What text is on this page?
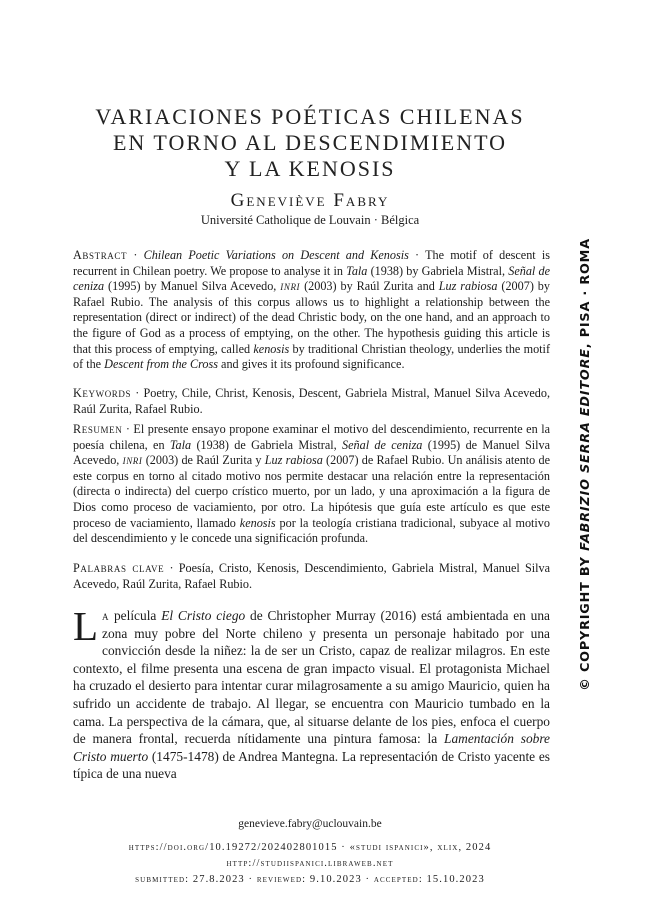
VARIACIONES POÉTICAS CHILENAS
EN TORNO AL DESCENDIMIENTO
Y LA KENOSIS
Geneviève Fabry
Université Catholique de Louvain · Bélgica
Abstract · Chilean Poetic Variations on Descent and Kenosis · The motif of descent is recurrent in Chilean poetry. We propose to analyse it in Tala (1938) by Gabriela Mistral, Señal de ceniza (1995) by Manuel Silva Acevedo, inri (2003) by Raúl Zurita and Luz rabiosa (2007) by Rafael Rubio. The analysis of this corpus allows us to highlight a relationship between the representation (direct or indirect) of the dead Christic body, on the one hand, and an approach to the figure of God as a process of emptying, on the other. The hypothesis guiding this article is that this process of emptying, called kenosis by traditional Christian theology, underlies the motif of the Descent from the Cross and gives it its profound significance.
Keywords · Poetry, Chile, Christ, Kenosis, Descent, Gabriela Mistral, Manuel Silva Acevedo, Raúl Zurita, Rafael Rubio.
Resumen · El presente ensayo propone examinar el motivo del descendimiento, recurrente en la poesía chilena, en Tala (1938) de Gabriela Mistral, Señal de ceniza (1995) de Manuel Silva Acevedo, inri (2003) de Raúl Zurita y Luz rabiosa (2007) de Rafael Rubio. Un análisis atento de este corpus en torno al citado motivo nos permite destacar una relación entre la representación (directa o indirecta) del cuerpo crístico muerto, por un lado, y una aproximación a la figura de Dios como proceso de vaciamiento, por otro. La hipótesis que guía este artículo es que este proceso de vaciamiento, llamado kenosis por la teología cristiana tradicional, subyace al motivo del descendimiento y le concede una significación profunda.
Palabras clave · Poesía, Cristo, Kenosis, Descendimiento, Gabriela Mistral, Manuel Silva Acevedo, Raúl Zurita, Rafael Rubio.
La película El Cristo ciego de Christopher Murray (2016) está ambientada en una zona muy pobre del Norte chileno y presenta un personaje habitado por una convicción desde la niñez: la de ser un Cristo, capaz de realizar milagros. En este contexto, el filme presenta una escena de gran impacto visual. El protagonista Michael ha cruzado el desierto para intentar curar milagrosamente a su amigo Mauricio, quien ha sufrido un accidente de trabajo. Al llegar, se encuentra con Mauricio tumbado en la cama. La perspectiva de la cámara, que, al situarse delante de los pies, enfoca el cuerpo de manera frontal, recuerda nítidamente una pintura famosa: la Lamentación sobre Cristo muerto (1475-1478) de Andrea Mantegna. La representación de Cristo yacente es típica de una nueva
genevieve.fabry@uclouvain.be
https://doi.org/10.19272/202402801015 · «studi ispanici», xlix, 2024
http://studiispanici.libraweb.net
submitted: 27.8.2023 · reviewed: 9.10.2023 · accepted: 15.10.2023
© COPYRIGHT BY FABRIZIO SERRA EDITORE, PISA · ROMA
